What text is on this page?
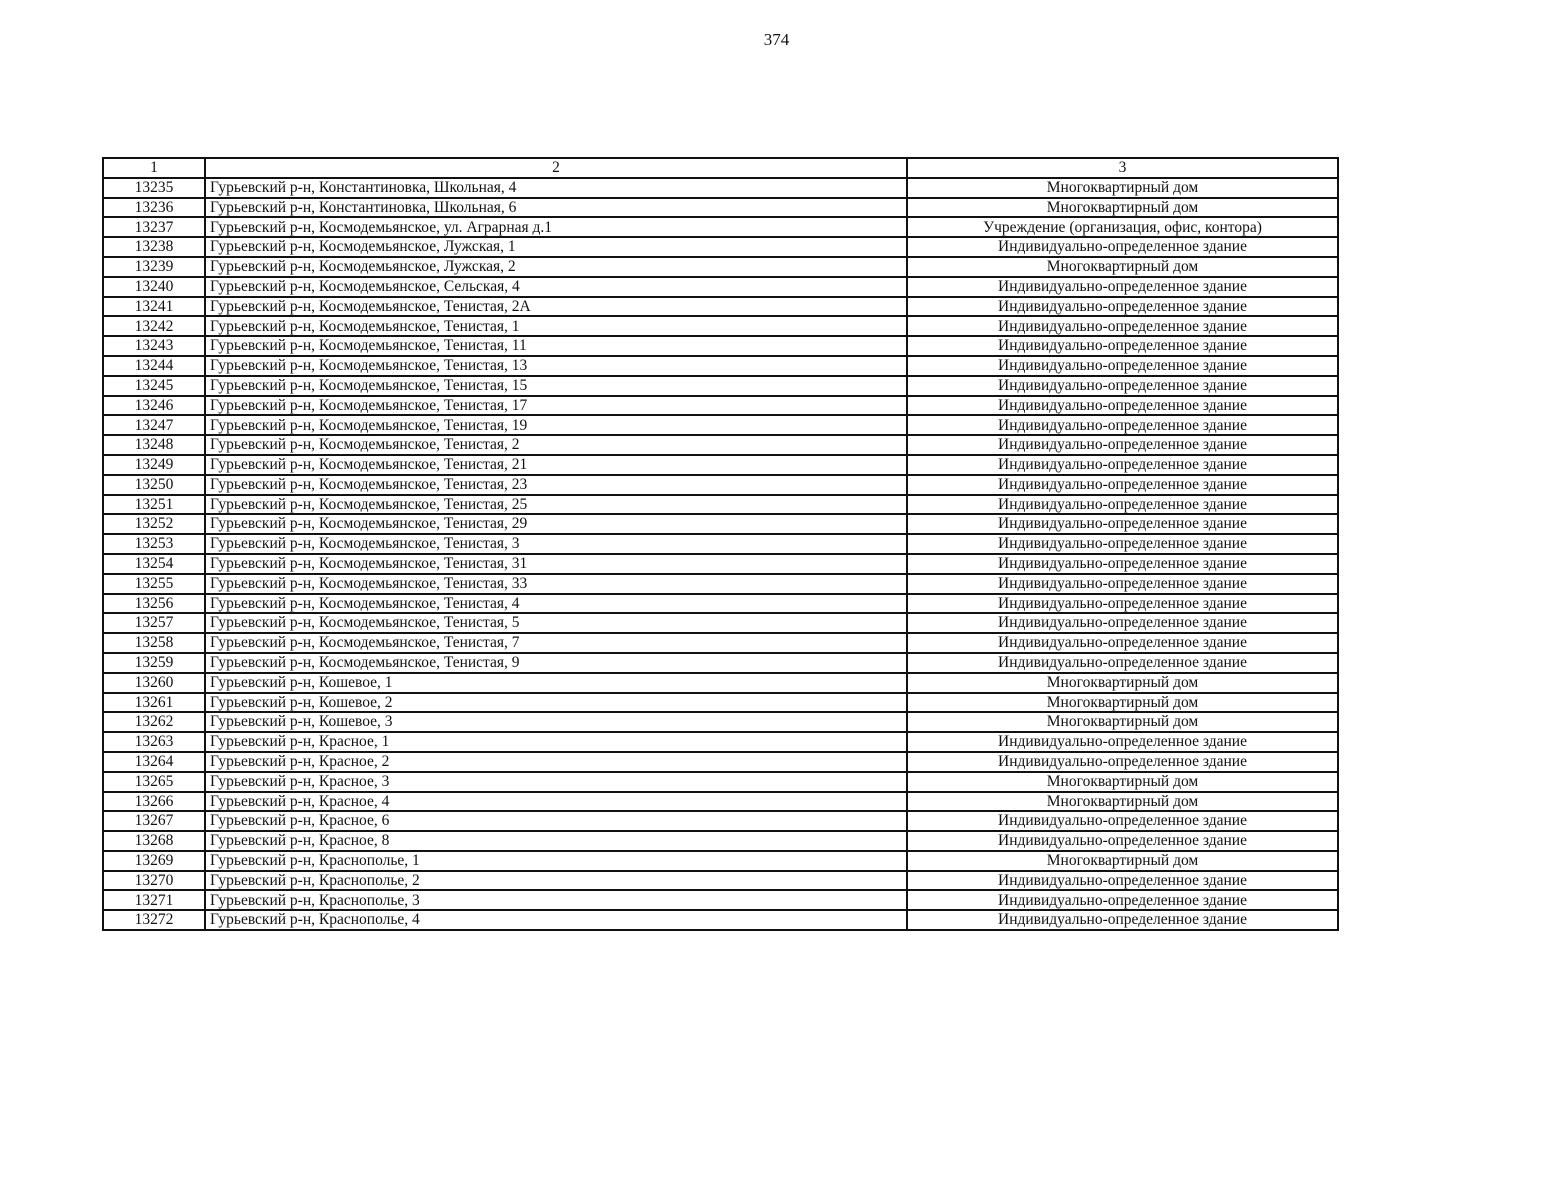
374
1	2	3
13235	Гурьевский р-н, Константиновка, Школьная, 4	Многоквартирный дом
13236	Гурьевский р-н, Константиновка, Школьная, 6	Многоквартирный дом
13237	Гурьевский р-н, Космодемьянское, ул. Аграрная д.1	Учреждение (организация, офис, контора)
13238	Гурьевский р-н, Космодемьянское, Лужская, 1	Индивидуально-определенное здание
13239	Гурьевский р-н, Космодемьянское, Лужская, 2	Многоквартирный дом
13240	Гурьевский р-н, Космодемьянское, Сельская, 4	Индивидуально-определенное здание
13241	Гурьевский р-н, Космодемьянское, Тенистая, 2А	Индивидуально-определенное здание
13242	Гурьевский р-н, Космодемьянское, Тенистая, 1	Индивидуально-определенное здание
13243	Гурьевский р-н, Космодемьянское, Тенистая, 11	Индивидуально-определенное здание
13244	Гурьевский р-н, Космодемьянское, Тенистая, 13	Индивидуально-определенное здание
13245	Гурьевский р-н, Космодемьянское, Тенистая, 15	Индивидуально-определенное здание
13246	Гурьевский р-н, Космодемьянское, Тенистая, 17	Индивидуально-определенное здание
13247	Гурьевский р-н, Космодемьянское, Тенистая, 19	Индивидуально-определенное здание
13248	Гурьевский р-н, Космодемьянское, Тенистая, 2	Индивидуально-определенное здание
13249	Гурьевский р-н, Космодемьянское, Тенистая, 21	Индивидуально-определенное здание
13250	Гурьевский р-н, Космодемьянское, Тенистая, 23	Индивидуально-определенное здание
13251	Гурьевский р-н, Космодемьянское, Тенистая, 25	Индивидуально-определенное здание
13252	Гурьевский р-н, Космодемьянское, Тенистая, 29	Индивидуально-определенное здание
13253	Гурьевский р-н, Космодемьянское, Тенистая, 3	Индивидуально-определенное здание
13254	Гурьевский р-н, Космодемьянское, Тенистая, 31	Индивидуально-определенное здание
13255	Гурьевский р-н, Космодемьянское, Тенистая, 33	Индивидуально-определенное здание
13256	Гурьевский р-н, Космодемьянское, Тенистая, 4	Индивидуально-определенное здание
13257	Гурьевский р-н, Космодемьянское, Тенистая, 5	Индивидуально-определенное здание
13258	Гурьевский р-н, Космодемьянское, Тенистая, 7	Индивидуально-определенное здание
13259	Гурьевский р-н, Космодемьянское, Тенистая, 9	Индивидуально-определенное здание
13260	Гурьевский р-н, Кошевое, 1	Многоквартирный дом
13261	Гурьевский р-н, Кошевое, 2	Многоквартирный дом
13262	Гурьевский р-н, Кошевое, 3	Многоквартирный дом
13263	Гурьевский р-н, Красное, 1	Индивидуально-определенное здание
13264	Гурьевский р-н, Красное, 2	Индивидуально-определенное здание
13265	Гурьевский р-н, Красное, 3	Многоквартирный дом
13266	Гурьевский р-н, Красное, 4	Многоквартирный дом
13267	Гурьевский р-н, Красное, 6	Индивидуально-определенное здание
13268	Гурьевский р-н, Красное, 8	Индивидуально-определенное здание
13269	Гурьевский р-н, Краснополье, 1	Многоквартирный дом
13270	Гурьевский р-н, Краснополье, 2	Индивидуально-определенное здание
13271	Гурьевский р-н, Краснополье, 3	Индивидуально-определенное здание
13272	Гурьевский р-н, Краснополье, 4	Индивидуально-определенное здание
